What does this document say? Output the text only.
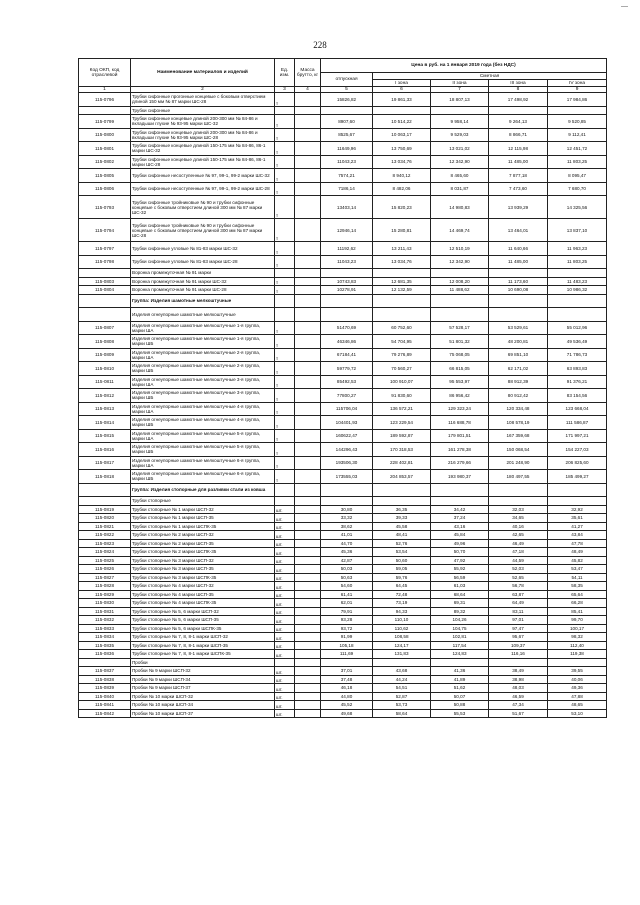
—
228
Код ОКП, код отраслевой	Наименование материалов и изделий	Ед. изм.	Масса брутто, кг	Цена в руб. на 1 января 2019 года (без НДС)				
				отпускная	Сметная			
					I зона	II зона	III зона	IV зона
1	2	3	4	5	6	7	8	9
115-0796	Трубки сифонные прогонные концевые с боковым отверстием длиной 150 мм № 87 марки ШС-28	т		15826,82	19 861,33	18 807,13	17 498,92	17 984,86
	Трубки сифонные							
115-0799	Трубки сифонные концевые длиной 200-300 мм № 84-86 и вкладыши глухие № 93-95 марки ШС-32	т		8907,60	10 514,22	9 958,14	9 264,13	9 520,85
115-0800	Трубки сифонные концевые длиной 200-300 мм № 84-86 и вкладыши глухие № 93-95 марки ШС-28	т		8525,67	10 063,17	9 529,03	8 866,71	9 112,41
115-0801	Трубки сифонные концевые длиной 150-175 мм № 84-86, 86-1 марки ШС-32	т		11649,96	13 750,69	13 021,02	12 115,98	12 451,72
115-0802	Трубки сифонные концевые длиной 150-175 мм № 84-86, 86-1 марки ШС-28	т		11043,23	13 034,76	12 342,90	11 485,00	11 803,25
115-0805	Трубки сифонные несоступенные № 97, 99-1, 99-2 марки ШС-32	т		7574,21	8 940,12	8 465,60	7 877,18	8 095,47
115-0806	Трубки сифонные несоступенные № 97, 99-1, 99-2 марки ШС-28	т		7186,14	8 482,06	8 031,87	7 473,60	7 680,70
115-0793	Трубки сифонные тройниковые № 90 и трубки сифонные концевые с боковым отверстием длиной 300 мм № 87 марки ШС-32	т		13403,14	15 820,23	14 980,83	13 939,29	14 325,56
115-0794	Трубки сифонные тройниковые № 90 и трубки сифонные концевые с боковым отверстием длиной 300 мм № 87 марки ШС-28	т		12946,14	15 280,81	14 469,74	13 464,01	13 837,10
115-0797	Трубки сифонные угловые № 81-83 марки ШС-32	т		11192,62	13 211,43	12 510,19	11 640,66	11 963,23
115-0798	Трубки сифонные угловые № 81-83 марки ШС-28	т		11043,23	13 034,76	12 342,90	11 485,00	11 803,25
	Воронка промежуточная № 91 марки							
115-0803	Воронка промежуточная № 91 марки ШС-32	т		10743,83	12 681,35	12 008,20	11 173,60	11 483,23
115-0804	Воронка промежуточная № 91 марки ШС-28	т		10278,91	12 132,59	11 488,62	10 690,08	10 986,32
	Группа: Изделия шамотные мелкоштучные							
	Изделия огнеупорные шамотные мелкоштучные							
115-0807	Изделия огнеупорные шамотные мелкоштучные 1-я группа, марки ША	т		51470,69	60 752,60	57 528,17	53 529,61	55 012,96
115-0808	Изделия огнеупорные шамотные мелкоштучные 1-я группа, марки ШБ	т		46346,86	54 704,95	51 801,32	48 200,81	49 536,49
115-0809	Изделия огнеупорные шамотные мелкоштучные 2-я группа, марки ША	т		67184,41	79 276,89	75 068,05	69 851,10	71 786,73
115-0810	Изделия огнеупорные шамотные мелкоштучные 2-я группа, марки ШБ	т		59779,72	70 560,27	66 815,05	62 171,02	63 893,83
115-0811	Изделия огнеупорные шамотные мелкоштучные 3-я группа, марки ША	т		85492,53	100 910,07	95 553,97	88 912,39	91 376,21
115-0812	Изделия огнеупорные шамотные мелкоштучные 3-я группа, марки ШБ	т		77800,27	91 830,60	86 956,42	80 912,42	83 154,56
115-0813	Изделия огнеупорные шамотные мелкоштучные 4-я группа, марки ША	т		115706,04	136 572,21	129 323,24	120 334,48	123 668,04
115-0814	Изделия огнеупорные шамотные мелкоштучные 4-я группа, марки ШБ	т		104401,93	123 229,54	116 688,78	108 578,19	111 586,87
115-0815	Изделия огнеупорные шамотные мелкоштучные 5-я группа, марки ША	т		160622,47	189 592,87	179 801,51	167 359,68	171 997,21
115-0816	Изделия огнеупорные шамотные мелкоштучные 5-я группа, марки ШБ	т		144296,43	170 318,53	161 278,38	150 068,54	154 227,03
115-0817	Изделия огнеупорные шамотные мелкоштучные 6-я группа, марки ША	т		193506,30	228 402,81	216 279,66	201 248,90	206 825,60
115-0818	Изделия огнеупорные шамотные мелкоштучные 6-я группа, марки ШБ	т		173555,03	204 853,57	193 980,37	180 497,55	185 499,27
	Группа: Изделия стопорные для разливки стали из ковша							
	Трубки стопорные							
115-0819	Трубки стопорные № 1 марки ШСП-32	шт.		30,80	36,35	34,42	32,03	32,92
115-0820	Трубки стопорные № 1 марки ШСП-35	шт.		33,32	39,33	37,24	34,65	35,61
115-0821	Трубки стопорные № 1 марки ШСПК-35	шт.		38,62	45,58	43,16	40,16	41,27
115-0822	Трубки стопорные № 2 марки ШСП-32	шт.		41,01	48,41	45,84	42,65	43,84
115-0823	Трубки стопорные № 2 марки ШСП-35	шт.		44,70	52,76	49,96	46,49	47,78
115-0824	Трубки стопорные № 2 марки ШСПК-35	шт.		45,36	53,54	50,70	47,18	48,49
115-0825	Трубки стопорные № 3 марки ШСП-32	шт.		42,87	50,60	47,92	44,59	45,82
115-0826	Трубки стопорные № 3 марки ШСП-35	шт.		50,03	59,05	55,92	52,03	53,47
115-0827	Трубки стопорные № 3 марки ШСПК-35	шт.		50,63	59,76	56,59	52,65	54,11
115-0828	Трубки стопорные № 4 марки ШСП-32	шт.		54,60	64,45	61,03	56,78	58,35
115-0829	Трубки стопорные № 4 марки ШСП-35	шт.		61,41	72,48	68,64	63,87	65,64
115-0830	Трубки стопорные № 4 марки ШСПК-35	шт.		62,01	73,19	69,31	64,49	66,28
115-0831	Трубки стопорные № 5, 6 марки ШСП-32	шт.		79,91	94,33	89,32	83,11	85,41
115-0832	Трубки стопорные № 5, 6 марки ШСП-35	шт.		93,28	110,10	104,26	97,01	99,70
115-0833	Трубки стопорные № 5, 6 марки ШСПК-35	шт.		93,72	110,62	104,75	97,47	100,17
115-0834	Трубки стопорные № 7, 8, 8-1 марки ШСП-32	шт.		91,99	108,58	102,81	95,67	98,32
115-0835	Трубки стопорные № 7, 8, 8-1 марки ШСП-35	шт.		105,18	124,17	117,54	109,37	112,40
115-0836	Трубки стопорные № 7, 8, 8-1 марки ШСПК-35	шт.		111,69	131,83	124,83	116,16	119,38
	Пробки							
115-0837	Пробки № 9 марки ШСП-32	шт.		37,01	43,68	41,36	38,49	39,55
115-0838	Пробки № 9 марки ШСП-34	шт.		37,48	44,24	41,89	38,98	40,06
115-0839	Пробки № 9 марки ШСП-37	шт.		46,18	54,51	51,62	48,03	49,36
115-0840	Пробки № 10 марки ШСП-32	шт.		44,80	52,87	50,07	46,59	47,88
115-0841	Пробки № 10 марки ШСП-34	шт.		45,52	53,73	50,88	47,34	48,65
115-0842	Пробки № 10 марки ШСП-37	шт.		49,68	58,64	55,53	51,67	53,10
